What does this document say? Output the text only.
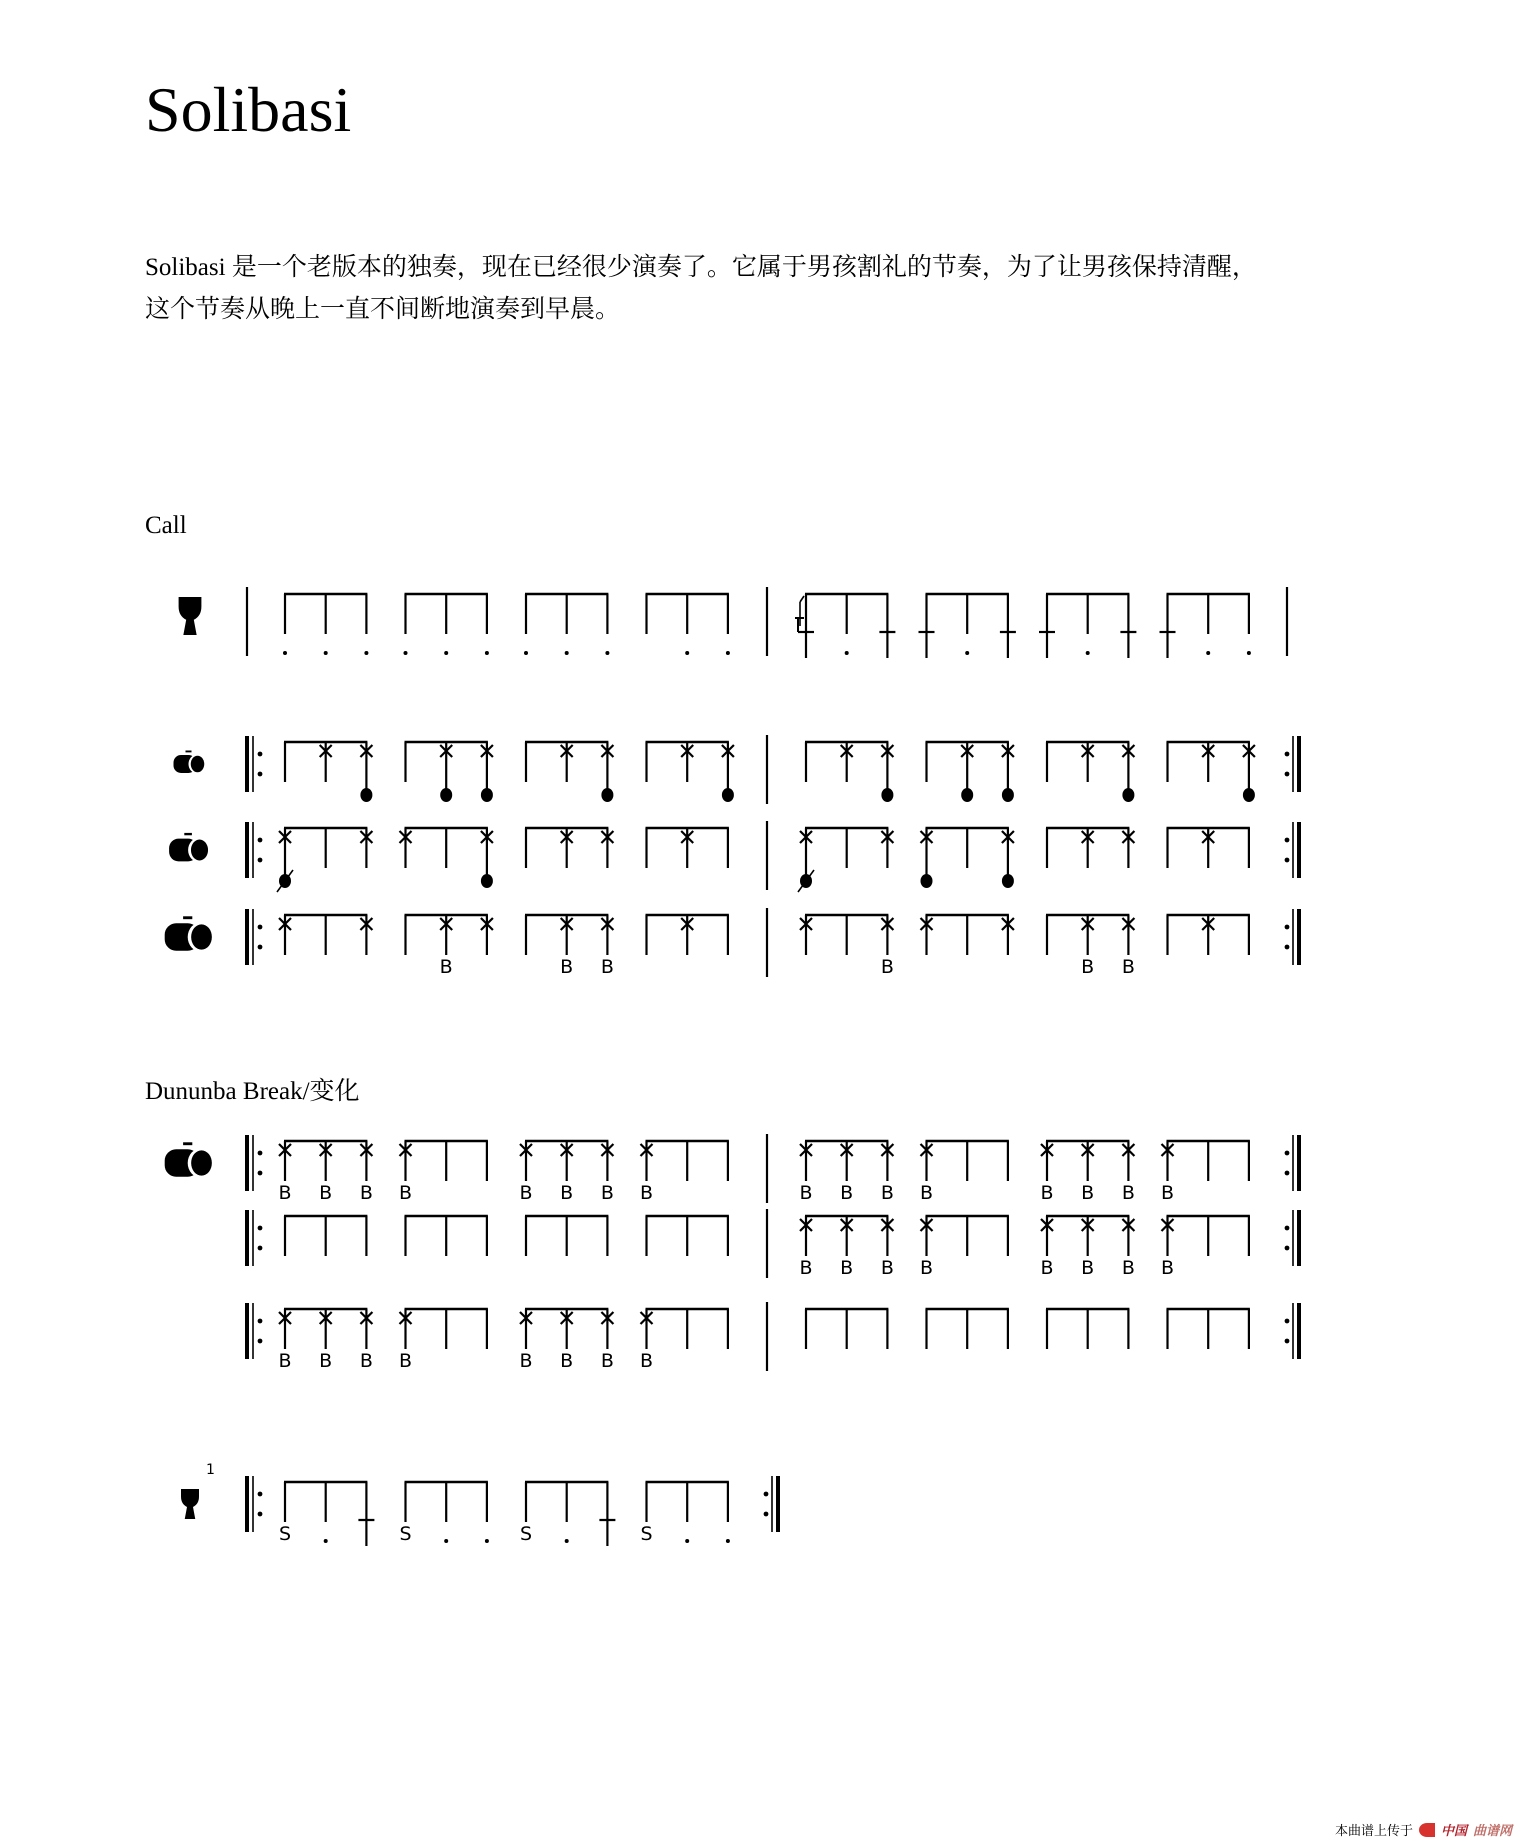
Solibasi
Solibasi 是一个老版本的独奏，现在已经很少演奏了。它属于男孩割礼的节奏，为了让男孩保持清醒，
这个节奏从晚上一直不间断地演奏到早晨。
Call
Dununba Break/变化
B	B B	B	B B
B B B B	B B B B	B B B B	B B B B
B B B B	B B B B
B B B B	B B B B
1
S	S	S	S
本曲谱上传于 中国 曲谱网
